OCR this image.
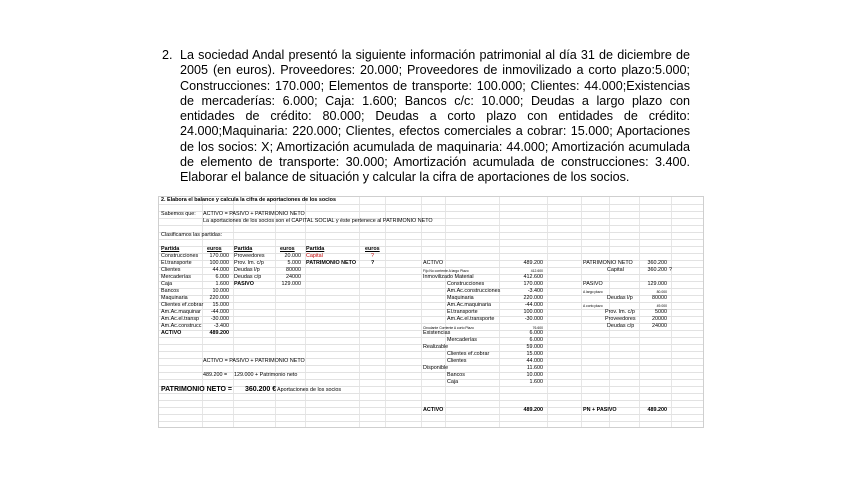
2. La sociedad Andal presentó la siguiente información patrimonial al día 31 de diciembre de
2005 (en euros). Proveedores: 20.000; Proveedores de inmovilizado a corto plazo:5.000;
Construcciones: 170.000; Elementos de transporte: 100.000; Clientes: 44.000;Existencias
de mercaderías: 6.000; Caja: 1.600; Bancos c/c: 10.000; Deudas a largo plazo con
entidades de crédito: 80.000; Deudas a corto plazo con entidades de crédito:
24.000;Maquinaria: 220.000; Clientes, efectos comerciales a cobrar: 15.000; Aportaciones
de los socios: X; Amortización acumulada de maquinaria: 44.000; Amortización acumulada
de elemento de transporte: 30.000; Amortización acumulada de construcciones: 3.400.
Elaborar el balance de situación y calcular la cifra de aportaciones de los socios.
2. Elabora el balance y calcula la cifra de aportaciones de los socios
Sabemos que: ACTIVO = PASIVO + PATRIMONIO NETO
La aportaciones de los socios son el CAPITAL SOCIAL y éste pertenece al PATRIMONIO NETO
Clasificamos las partidas:
Partida	euros
Construcciones	170.000
El.transporte	100.000
Clientes	44.000
Mercaderías	6.000
Caja	1.600
Bancos	10.000
Maquinaria	220.000
Clientes ef.cobrar	15.000
Am.Ac.maquinar	-44.000
Am.Ac.el.transp	-30.000
Am.Ac.construcc	-3.400
ACTIVO	489.200
Partida	euros
Proveedores	20.000
Prov. Im. c/p	5.000
Deudas l/p	80000
Deudas c/p	24000
PASIVO	129.000
Partida	euros
Capital	?
PATRIMONIO NETO	?
ACTIVO = PASIVO + PATRIMONIO NETO
489.200 = 129.000 + Patrimonio neto
PATRIMONIO NETO = 360.200 € Aportaciones de los socios
ACTIVO	489.200
Fijo No corriente A largo Plazo	412.600
Inmovilizado Material	412.600
Construcciones	170.000
Am.Ac.construcciones	-3.400
Maquinaria	220.000
Am.Ac.maquinaria	-44.000
El.transporte	100.000
Am.Ac.el.transporte	-30.000
Circulante Corriente A corto Plazo	76.600
Existencias	6.000
Mercaderías	6.000
Realizable	59.000
Clientes ef.cobrar	15.000
Clientes	44.000
Disponible	11.600
Bancos	10.000
Caja	1.600
PATRIMONIO NETO	360.200
Capital	360.200 ?
PASIVO	129.000
A largo plazo	80.000
Deudas l/p	80000
A corto plazo	49.000
Prov. Im. c/p	5000
Proveedores	20000
Deudas c/p	24000
ACTIVO	489.200	PN + PASIVO	489.200
